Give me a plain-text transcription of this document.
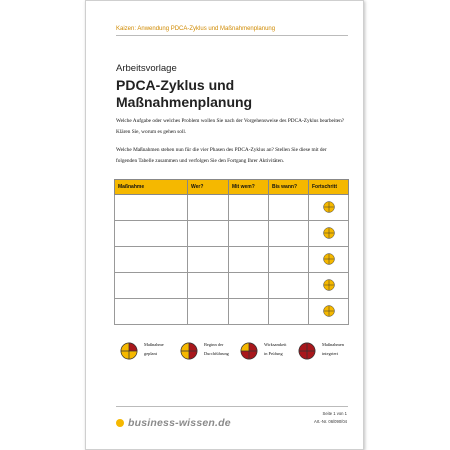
Kaizen: Anwendung PDCA-Zyklus und Maßnahmenplanung
Arbeitsvorlage
PDCA-Zyklus und Maßnahmenplanung
Welche Aufgabe oder welches Problem wollen Sie nach der Vorgehensweise des PDCA-Zyklus bearbeiten? Klären Sie, worum es gehen soll.
Welche Maßnahmen stehen nun für die vier Phasen des PDCA-Zyklus an? Stellen Sie diese mit der folgenden Tabelle zusammen und verfolgen Sie den Fortgang Ihrer Aktivitäten.
Maßnahme	Wer?	Mit wem?	Bis wann?	Fortschritt

Maßnahme
geplant
Beginn der
Durchführung
Wirksamkeit
in Prüfung
Maßnahmen
integriert
business-wissen.de
Seite 1 von 1
Art.-Nr. 06/090/04
